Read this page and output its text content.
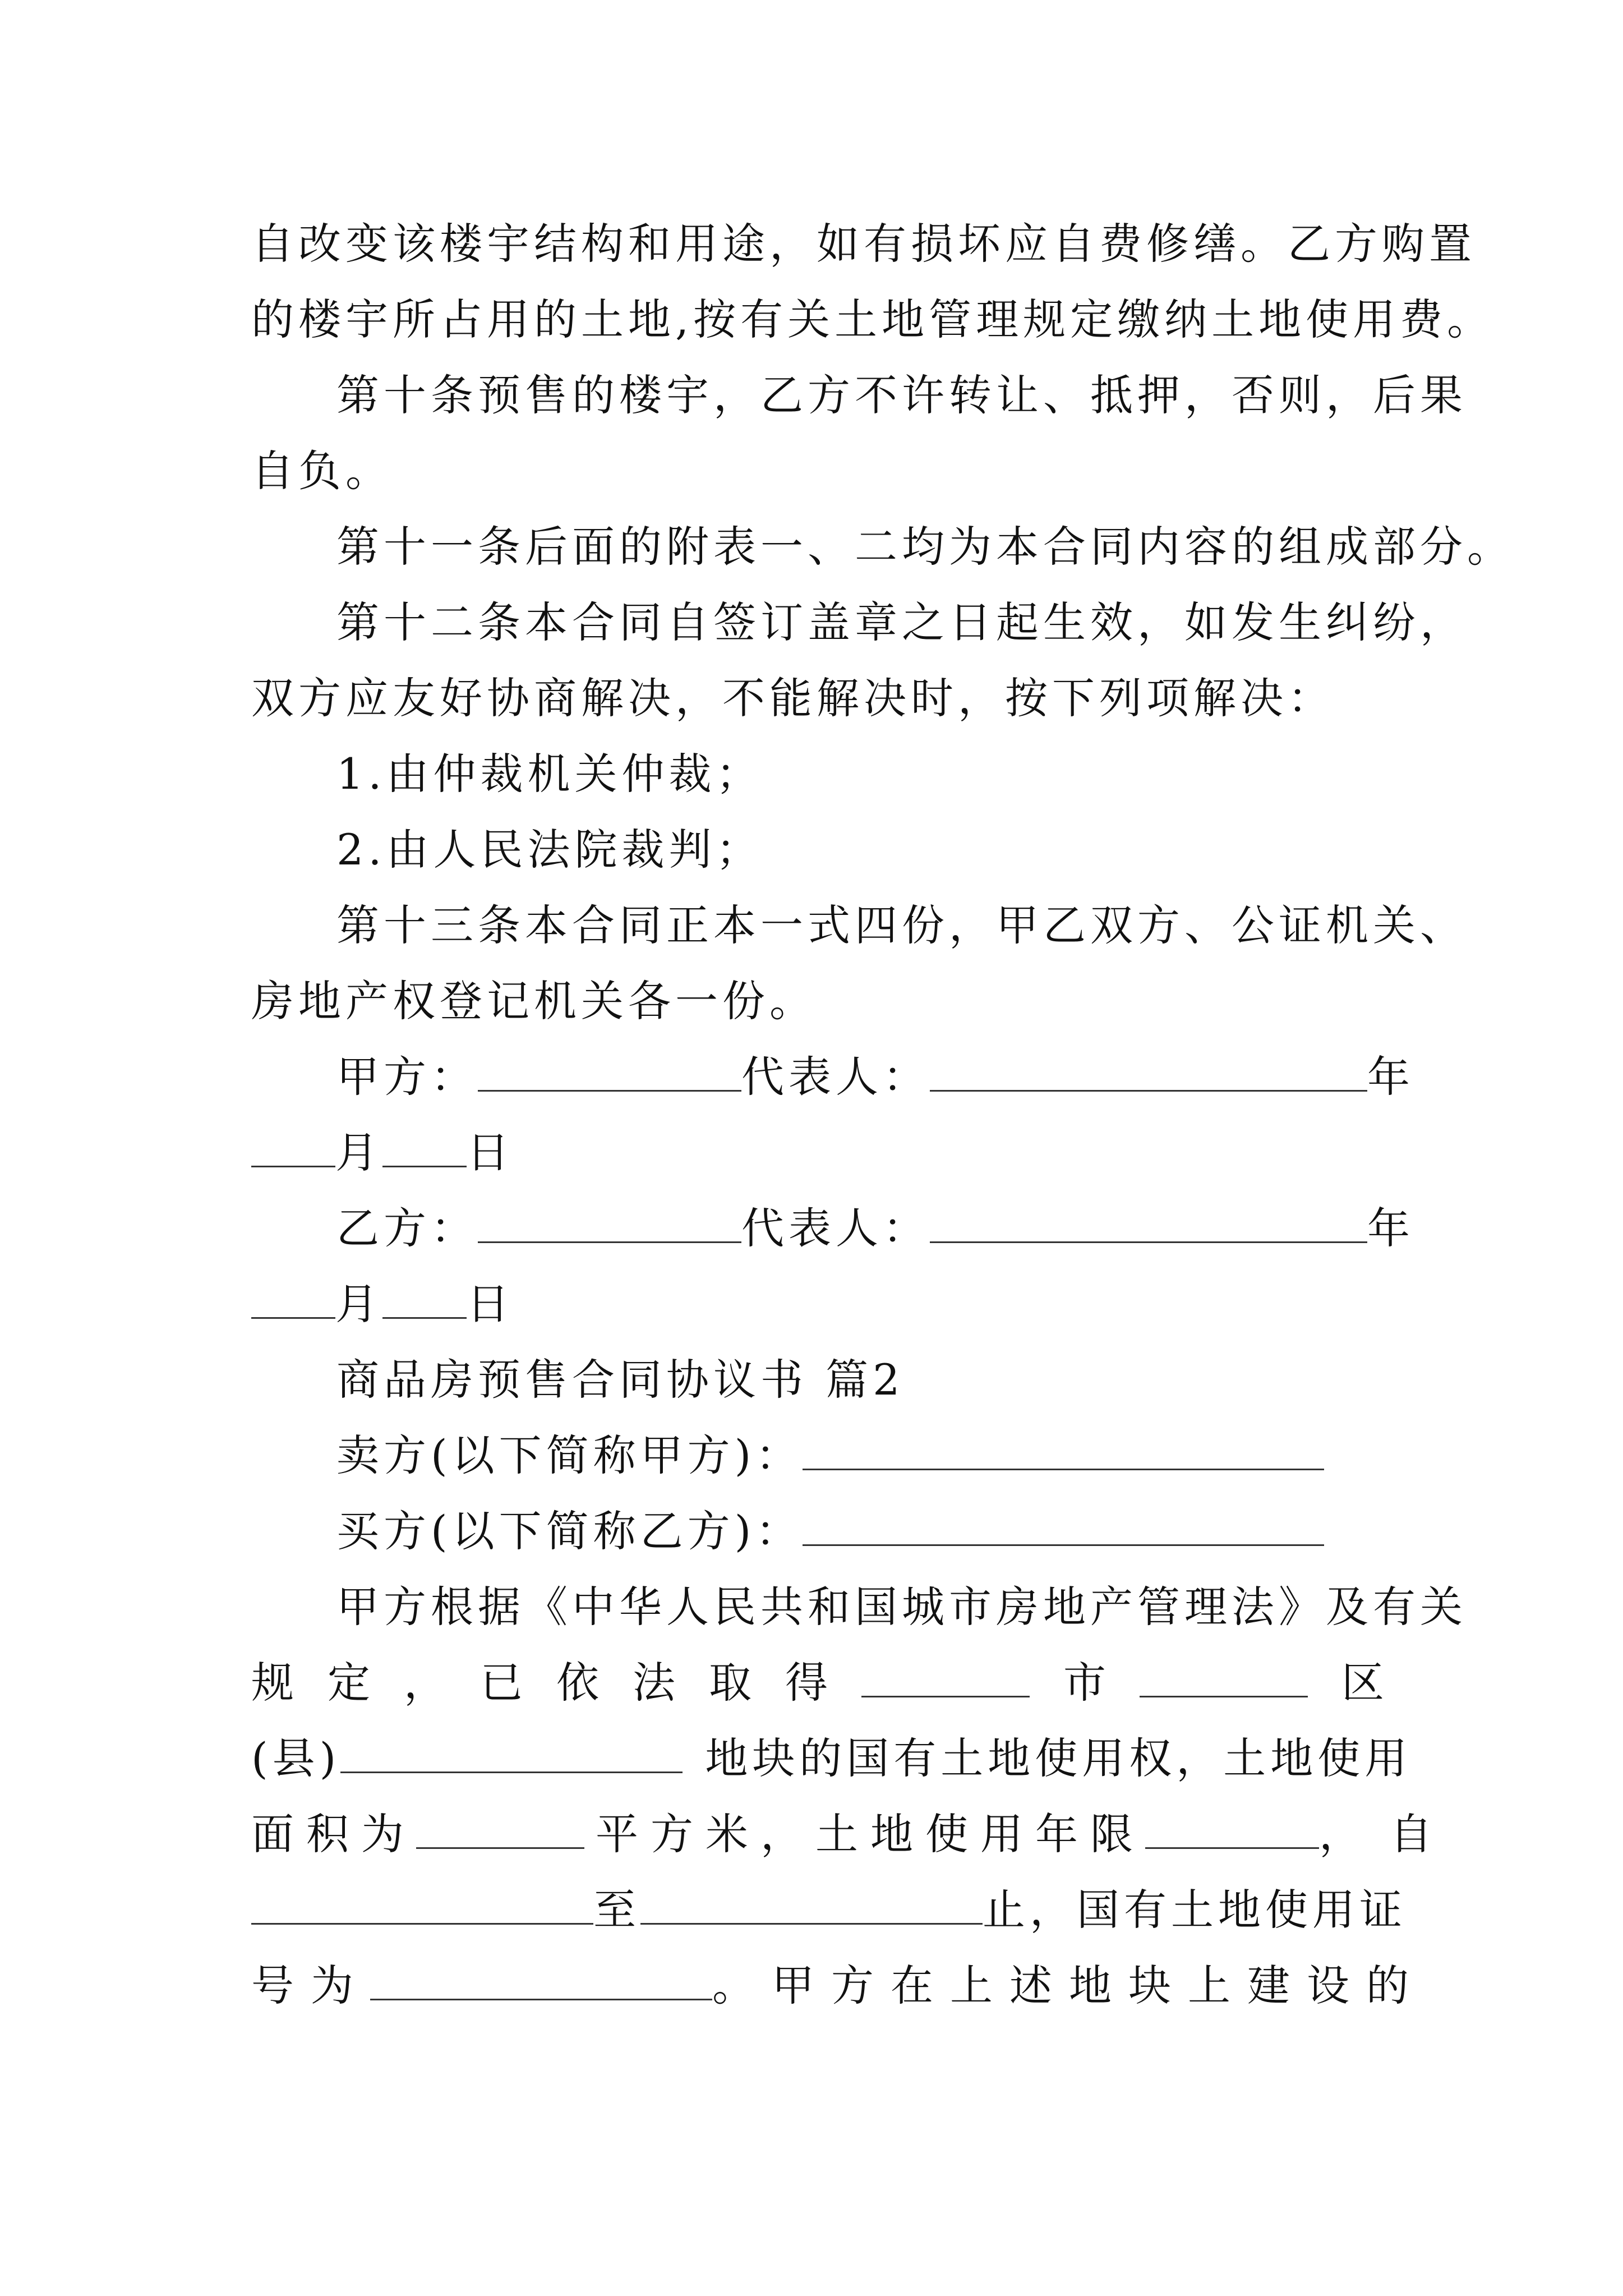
自改变该楼宇结构和用途，如有损坏应自费修缮。乙方购置
的楼宇所占用的土地,按有关土地管理规定缴纳土地使用费。
第十条预售的楼宇，乙方不许转让、抵押，否则，后果
自负。
第十一条后面的附表一、二均为本合同内容的组成部分。
第十二条本合同自签订盖章之日起生效，如发生纠纷，
双方应友好协商解决，不能解决时，按下列项解决：
1.由仲裁机关仲裁；
2.由人民法院裁判；
第十三条本合同正本一式四份，甲乙双方、公证机关、
房地产权登记机关各一份。
甲方：	代表人：	年
月 日
乙方：	代表人：	年
月 日
商品房预售合同协议书 篇2
卖方(以下简称甲方)：
买方(以下简称乙方)：
甲方根据《中华人民共和国城市房地产管理法》及有关
规 定 ， 已 依 法 取 得	市	区
(县)	地块的国有土地使用权，土地使用
面积为	平方米，土地使用年限	，自
至	止，国有土地使用证
号为	。甲方在上述地块上建设的
